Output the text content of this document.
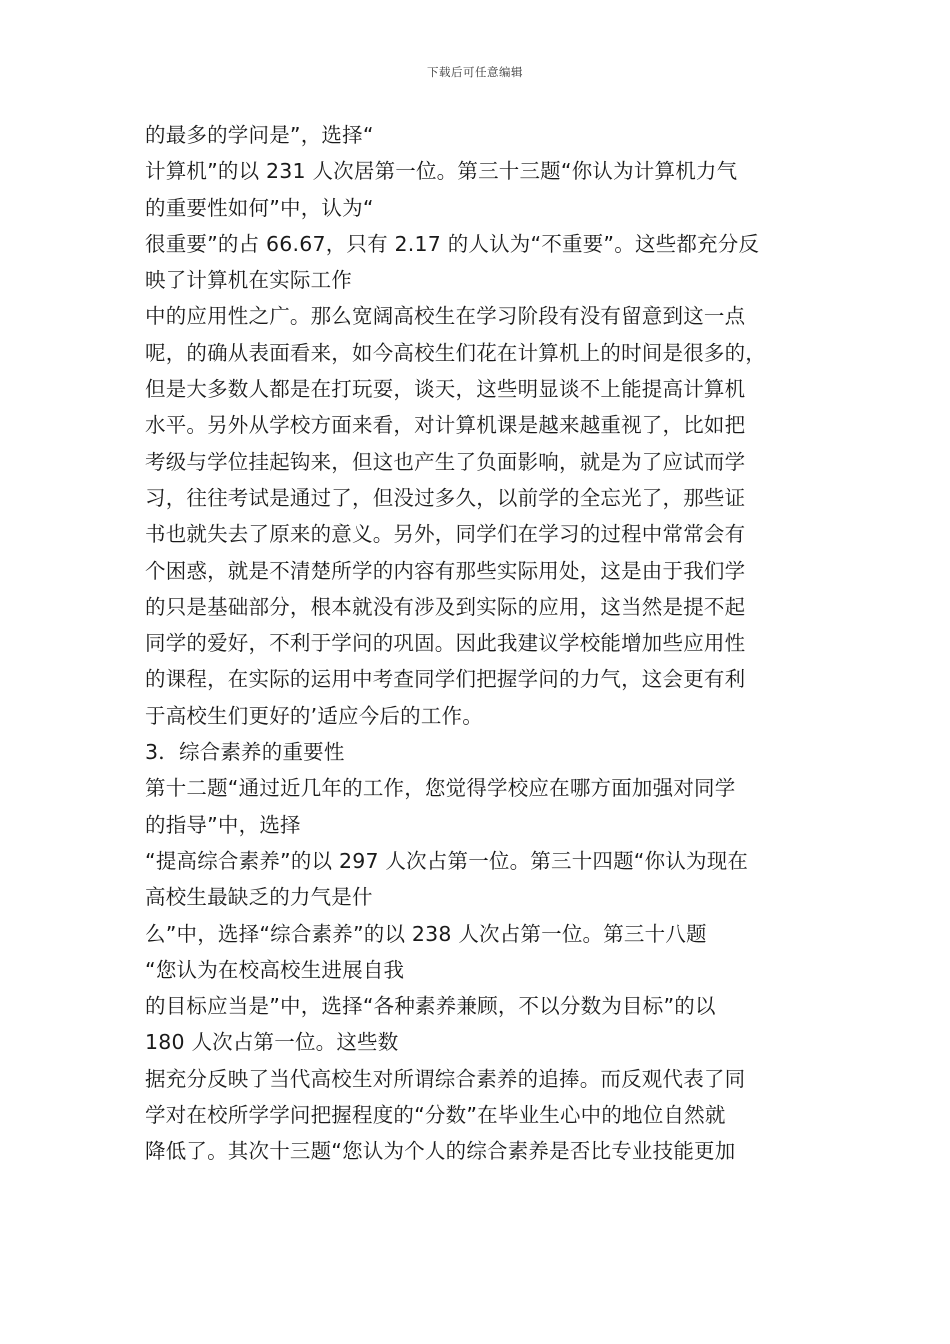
下载后可任意编辑
的最多的学问是”，选择“
计算机”的以 231 人次居第一位。第三十三题“你认为计算机力气
的重要性如何”中，认为“
很重要”的占 66.67，只有 2.17 的人认为“不重要”。这些都充分反
映了计算机在实际工作
中的应用性之广。那么宽阔高校生在学习阶段有没有留意到这一点
呢，的确从表面看来，如今高校生们花在计算机上的时间是很多的，
但是大多数人都是在打玩耍，谈天，这些明显谈不上能提高计算机
水平。另外从学校方面来看，对计算机课是越来越重视了，比如把
考级与学位挂起钩来，但这也产生了负面影响，就是为了应试而学
习，往往考试是通过了，但没过多久，以前学的全忘光了，那些证
书也就失去了原来的意义。另外，同学们在学习的过程中常常会有
个困惑，就是不清楚所学的内容有那些实际用处，这是由于我们学
的只是基础部分，根本就没有涉及到实际的应用，这当然是提不起
同学的爱好，不利于学问的巩固。因此我建议学校能增加些应用性
的课程，在实际的运用中考查同学们把握学问的力气，这会更有利
于高校生们更好的’适应今后的工作。
3．综合素养的重要性
第十二题“通过近几年的工作，您觉得学校应在哪方面加强对同学
的指导”中，选择
“提高综合素养”的以 297 人次占第一位。第三十四题“你认为现在
高校生最缺乏的力气是什
么”中，选择“综合素养”的以 238 人次占第一位。第三十八题
“您认为在校高校生进展自我
的目标应当是”中，选择“各种素养兼顾，不以分数为目标”的以
180 人次占第一位。这些数
据充分反映了当代高校生对所谓综合素养的追捧。而反观代表了同
学对在校所学学问把握程度的“分数”在毕业生心中的地位自然就
降低了。其次十三题“您认为个人的综合素养是否比专业技能更加
